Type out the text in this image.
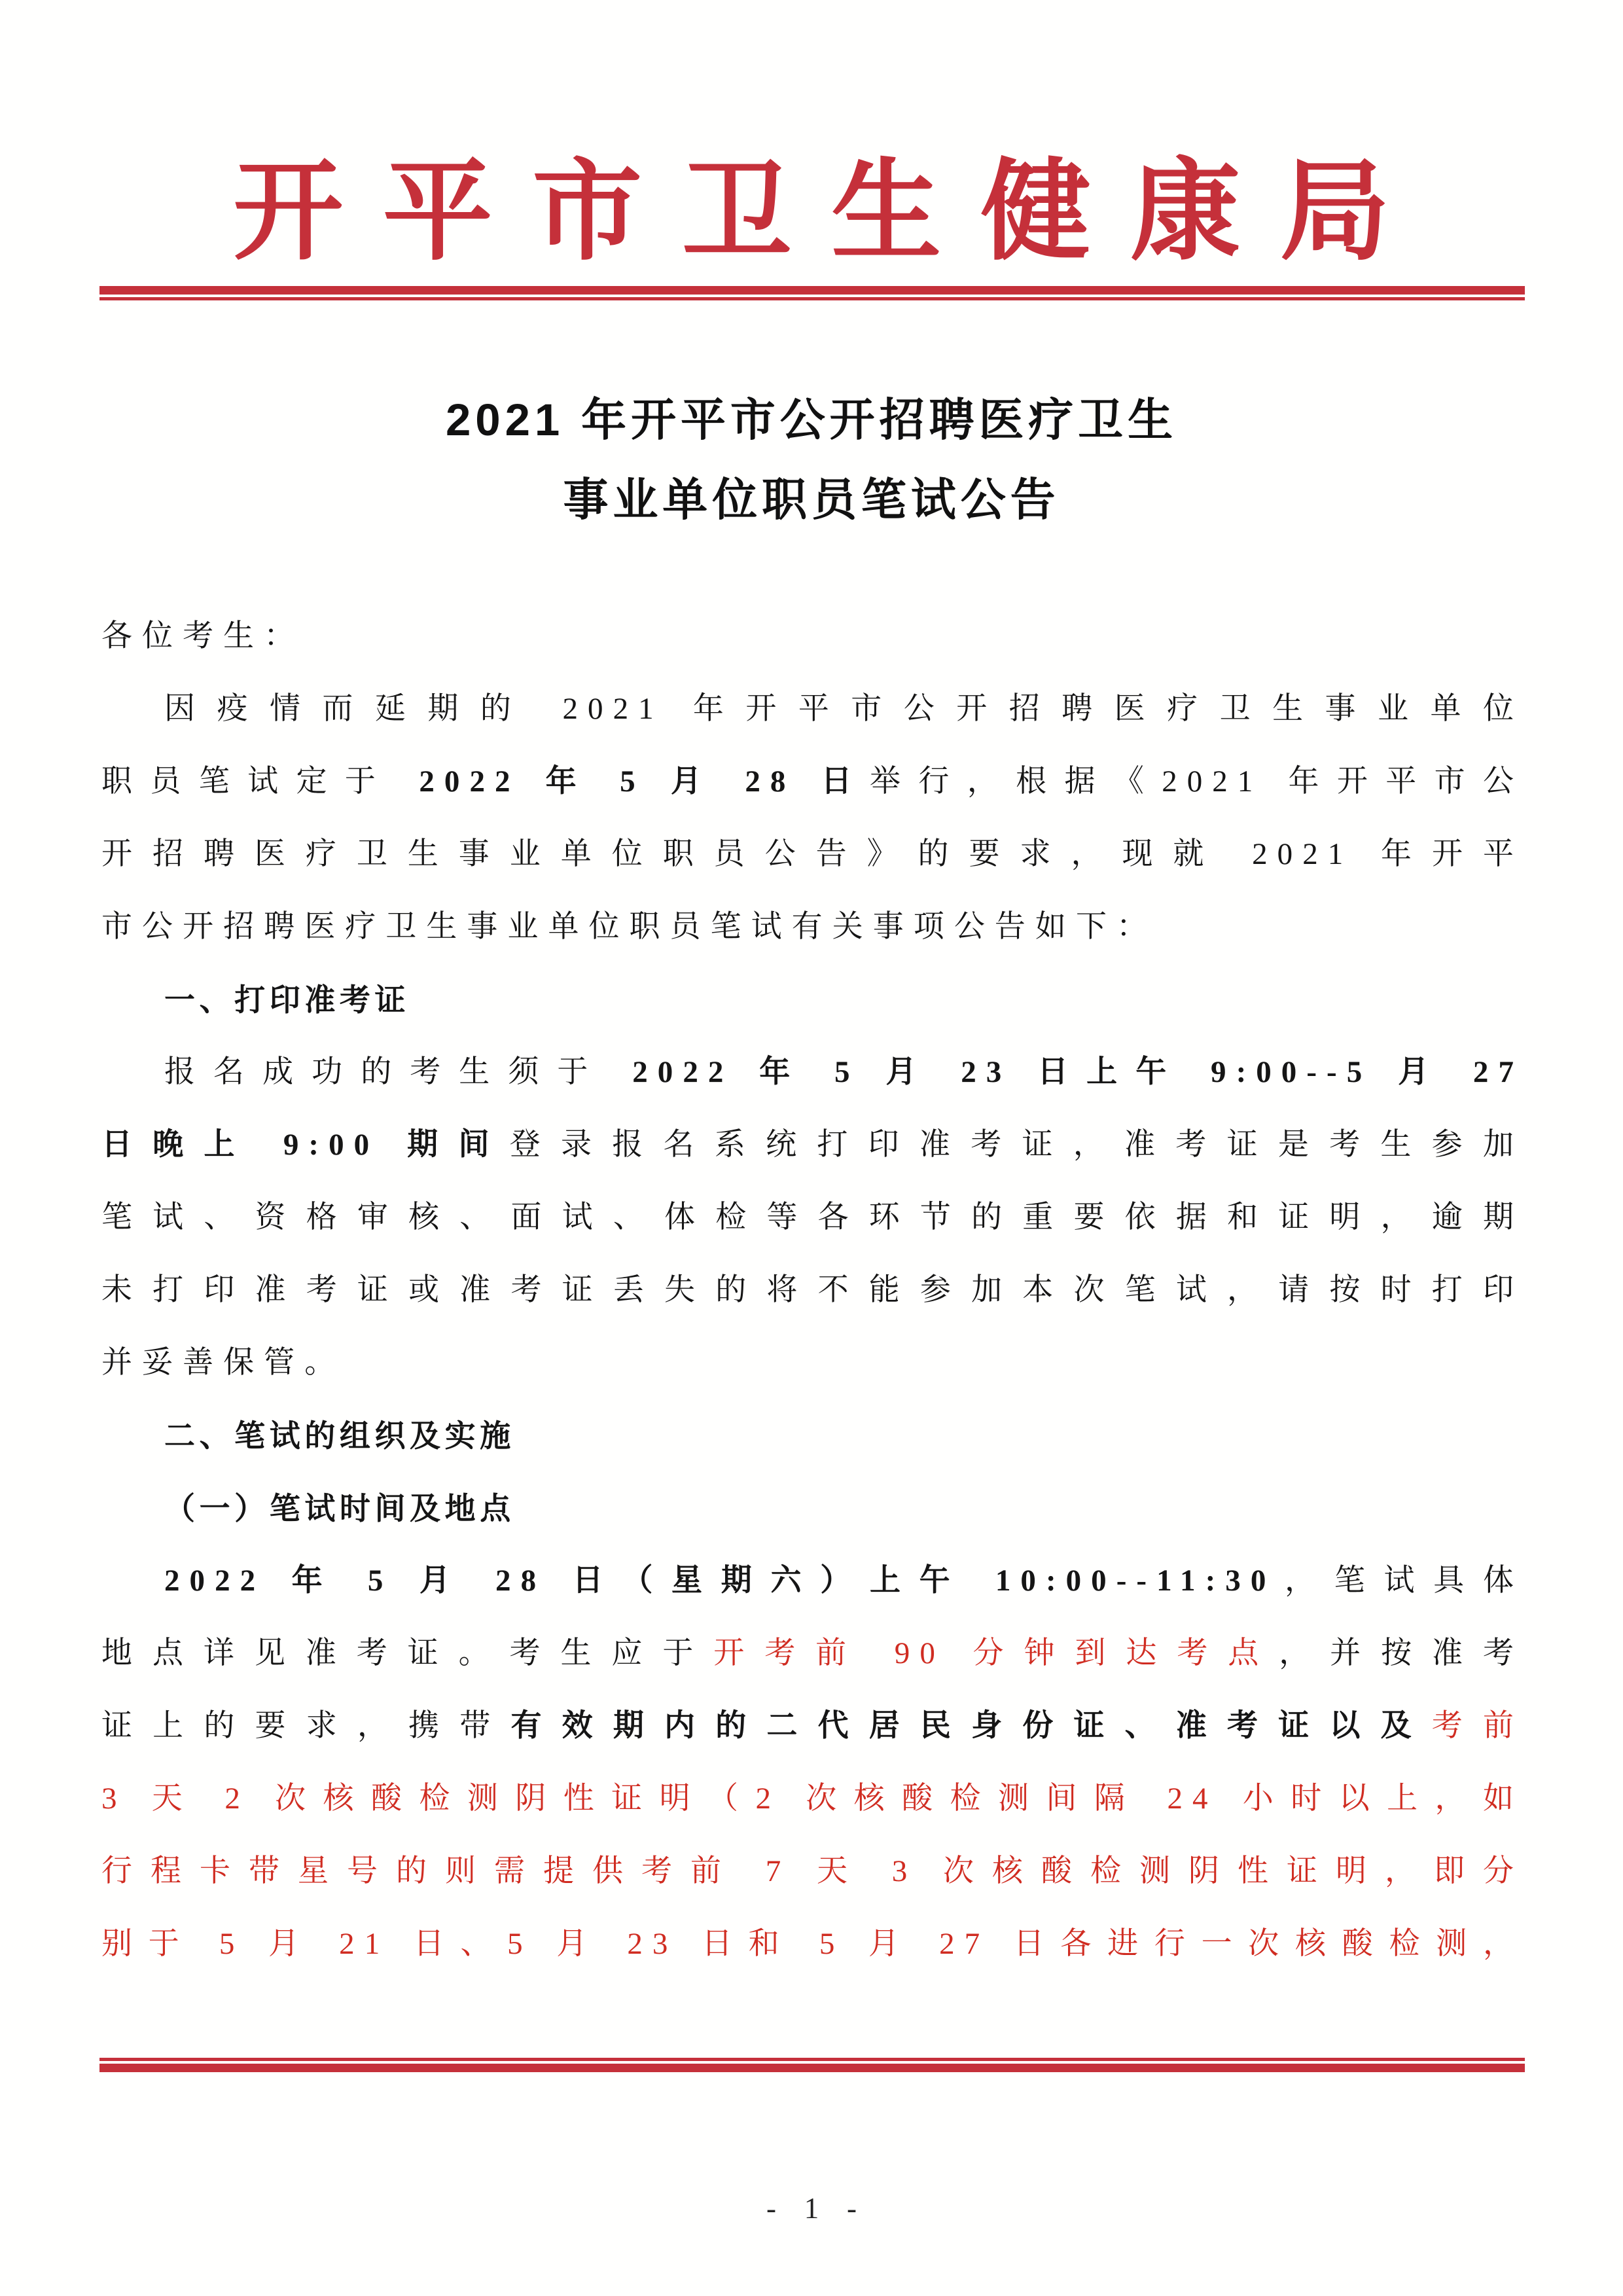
开平市卫生健康局
2021 年开平市公开招聘医疗卫生
事业单位职员笔试公告
各位考生：
因疫情而延期的 2021 年开平市公开招聘医疗卫生事业单位
职员笔试定于 2022 年 5 月 28 日举行，根据《2021 年开平市公
开招聘医疗卫生事业单位职员公告》的要求，现就 2021 年开平
市公开招聘医疗卫生事业单位职员笔试有关事项公告如下：
一、打印准考证
报名成功的考生须于 2022 年 5 月 23 日上午 9:00--5 月 27
日晚上 9:00 期间登录报名系统打印准考证，准考证是考生参加
笔试、资格审核、面试、体检等各环节的重要依据和证明，逾期
未打印准考证或准考证丢失的将不能参加本次笔试，请按时打印
并妥善保管。
二、笔试的组织及实施
（一）笔试时间及地点
2022 年 5 月 28 日（星期六）上午 10:00--11:30，笔试具体
地点详见准考证。考生应于开考前 90 分钟到达考点，并按准考
证上的要求，携带有效期内的二代居民身份证、准考证以及考前
3 天 2 次核酸检测阴性证明（2 次核酸检测间隔 24 小时以上，如
行程卡带星号的则需提供考前 7 天 3 次核酸检测阴性证明，即分
别于 5 月 21 日、5 月 23 日和 5 月 27 日各进行一次核酸检测，
- 1 -
